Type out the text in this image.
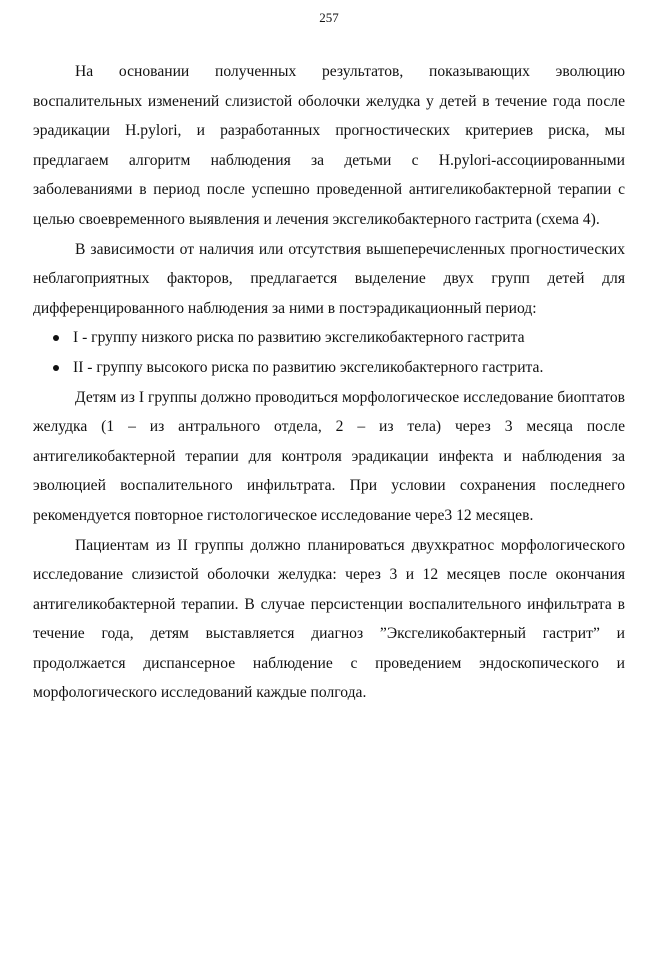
257

На основании полученных результатов, показывающих эволюцию воспалительных изменений слизистой оболочки желудка у детей в течение года после эрадикации H.pylori, и разработанных прогностических критериев риска, мы предлагаем алгоритм наблюдения за детьми с H.pylori-ассоциированными заболеваниями в период после успешно проведенной антигеликобактерной терапии с целью своевременного выявления и лечения эксгеликобактерного гастрита (схема 4).

В зависимости от наличия или отсутствия вышеперечисленных прогностических неблагоприятных факторов, предлагается выделение двух групп детей для дифференцированного наблюдения за ними в постэрадикационный период:

I - группу низкого риска по развитию эксгеликобактерного гастрита
II - группу высокого риска по развитию эксгеликобактерного гастрита.

Детям из I группы должно проводиться морфологическое исследование биоптатов желудка (1 – из антрального отдела, 2 – из тела) через 3 месяца после антигеликобактерной терапии для контроля эрадикации инфекта и наблюдения за эволюцией воспалительного инфильтрата. При условии сохранения последнего рекомендуется повторное гистологическое исследование чере3 12 месяцев.

Пациентам из II группы должно планироваться двухкратнос морфологического исследование слизистой оболочки желудка: через 3 и 12 месяцев после окончания антигеликобактерной терапии. В случае персистенции воспалительного инфильтрата в течение года, детям выставляется диагноз ”Эксгеликобактерный гастрит” и продолжается диспансерное наблюдение с проведением эндоскопического и морфологического исследований каждые полгода.
